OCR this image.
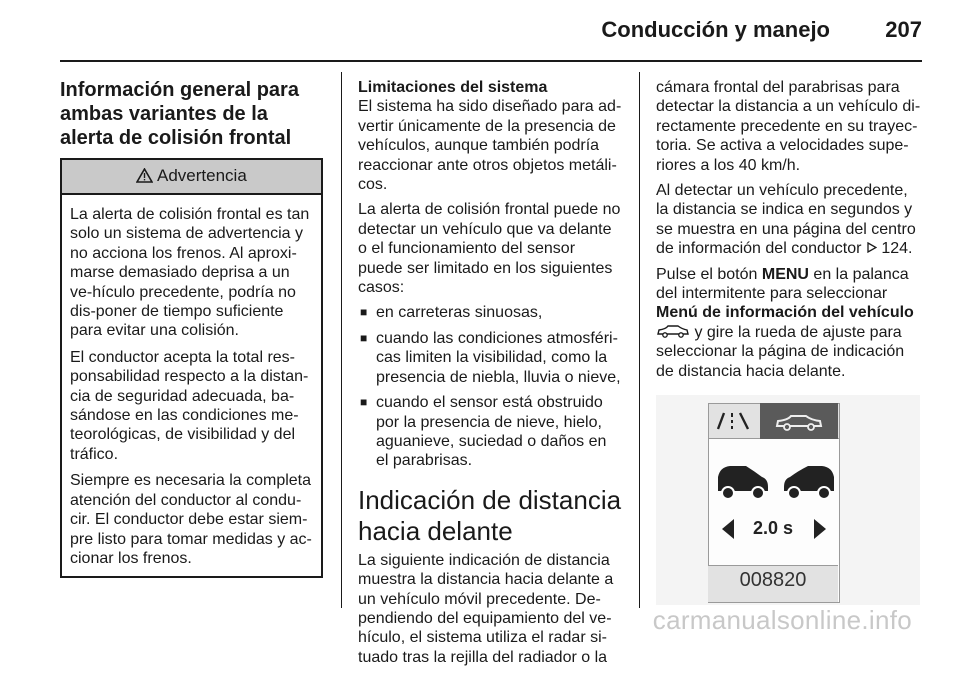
Conducción y manejo	207
Información general para ambas variantes de la alerta de colisión frontal
Advertencia

La alerta de colisión frontal es tan solo un sistema de advertencia y no acciona los frenos. Al aproxi-marse demasiado deprisa a un ve-hículo precedente, podría no dis-poner de tiempo suficiente para evitar una colisión.

El conductor acepta la total res-ponsabilidad respecto a la distan-cia de seguridad adecuada, ba-sándose en las condiciones me-teorológicas, de visibilidad y del tráfico.

Siempre es necesaria la completa atención del conductor al condu-cir. El conductor debe estar siem-pre listo para tomar medidas y ac-cionar los frenos.

Limitaciones del sistema

El sistema ha sido diseñado para ad-vertir únicamente de la presencia de vehículos, aunque también podría reaccionar ante otros objetos metáli-cos.

La alerta de colisión frontal puede no detectar un vehículo que va delante o el funcionamiento del sensor puede ser limitado en los siguientes casos:

■ en carreteras sinuosas,
■ cuando las condiciones atmosféri-cas limiten la visibilidad, como la presencia de niebla, lluvia o nieve,
■ cuando el sensor está obstruido por la presencia de nieve, hielo, aguanieve, suciedad o daños en el parabrisas.
Indicación de distancia hacia delante

La siguiente indicación de distancia muestra la distancia hacia delante a un vehículo móvil precedente. De-pendiendo del equipamiento del ve-hículo, el sistema utiliza el radar si-tuado tras la rejilla del radiador o la

cámara frontal del parabrisas para detectar la distancia a un vehículo di-rectamente precedente en su trayec-toria. Se activa a velocidades supe-riores a los 40 km/h.

Al detectar un vehículo precedente, la distancia se indica en segundos y se muestra en una página del centro de información del conductor 124.

Pulse el botón MENU en la palanca del intermitente para seleccionar
Menú de información del vehículo
y gire la rueda de ajuste para seleccionar la página de indicación de distancia hacia delante.

2.0 s
008820
carmanualsonline.info
